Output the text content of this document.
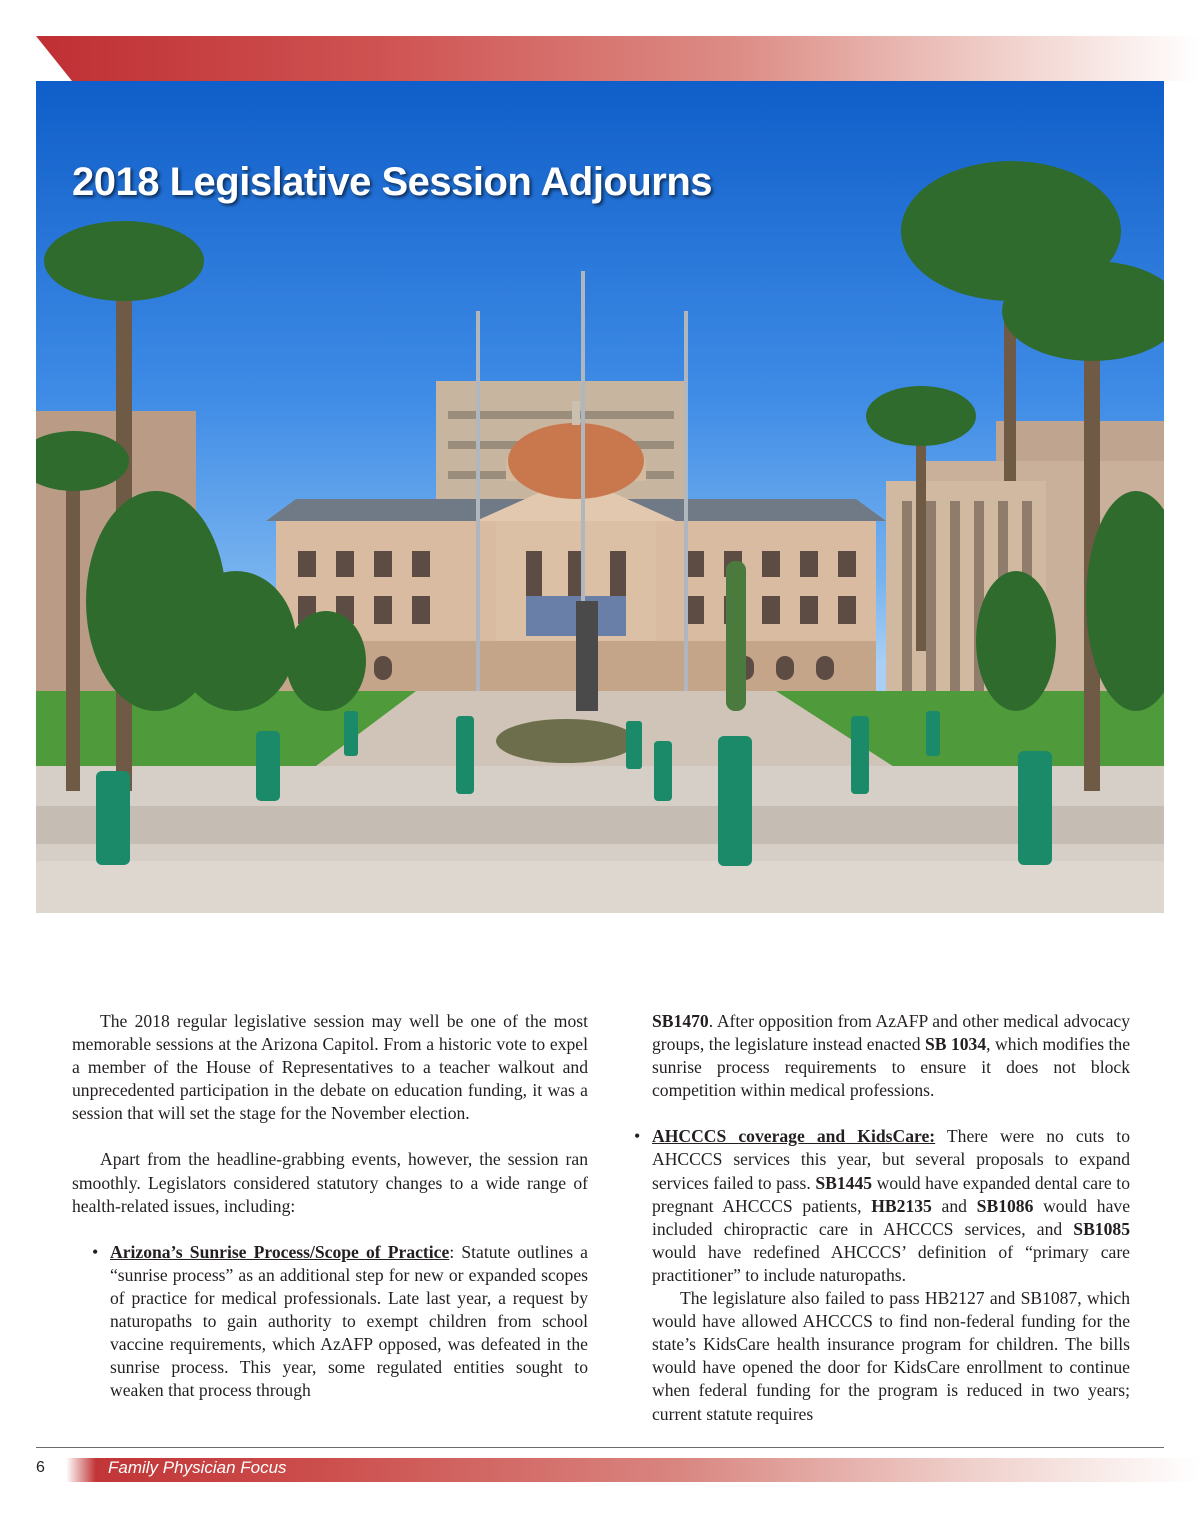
2018 Legislative Session Adjourns

The 2018 regular legislative session may well be one of the most memorable sessions at the Arizona Capitol. From a historic vote to expel a member of the House of Representatives to a teacher walkout and unprecedented participation in the debate on education funding, it was a session that will set the stage for the November election.

Apart from the headline-grabbing events, however, the session ran smoothly. Legislators considered statutory changes to a wide range of health-related issues, including:

• Arizona’s Sunrise Process/Scope of Practice: Statute outlines a “sunrise process” as an additional step for new or expanded scopes of practice for medical professionals. Late last year, a request by naturopaths to gain authority to exempt children from school vaccine requirements, which AzAFP opposed, was defeated in the sunrise process. This year, some regulated entities sought to weaken that process through

SB1470. After opposition from AzAFP and other medical advocacy groups, the legislature instead enacted SB 1034, which modifies the sunrise process requirements to ensure it does not block competition within medical professions.

• AHCCCS coverage and KidsCare: There were no cuts to AHCCCS services this year, but several proposals to expand services failed to pass. SB1445 would have expanded dental care to pregnant AHCCCS patients, HB2135 and SB1086 would have included chiropractic care in AHCCCS services, and SB1085 would have redefined AHCCCS’ definition of “primary care practitioner” to include naturopaths.

The legislature also failed to pass HB2127 and SB1087, which would have allowed AHCCCS to find non-federal funding for the state’s KidsCare health insurance program for children. The bills would have opened the door for KidsCare enrollment to continue when federal funding for the program is reduced in two years; current statute requires

6	Family Physician Focus
